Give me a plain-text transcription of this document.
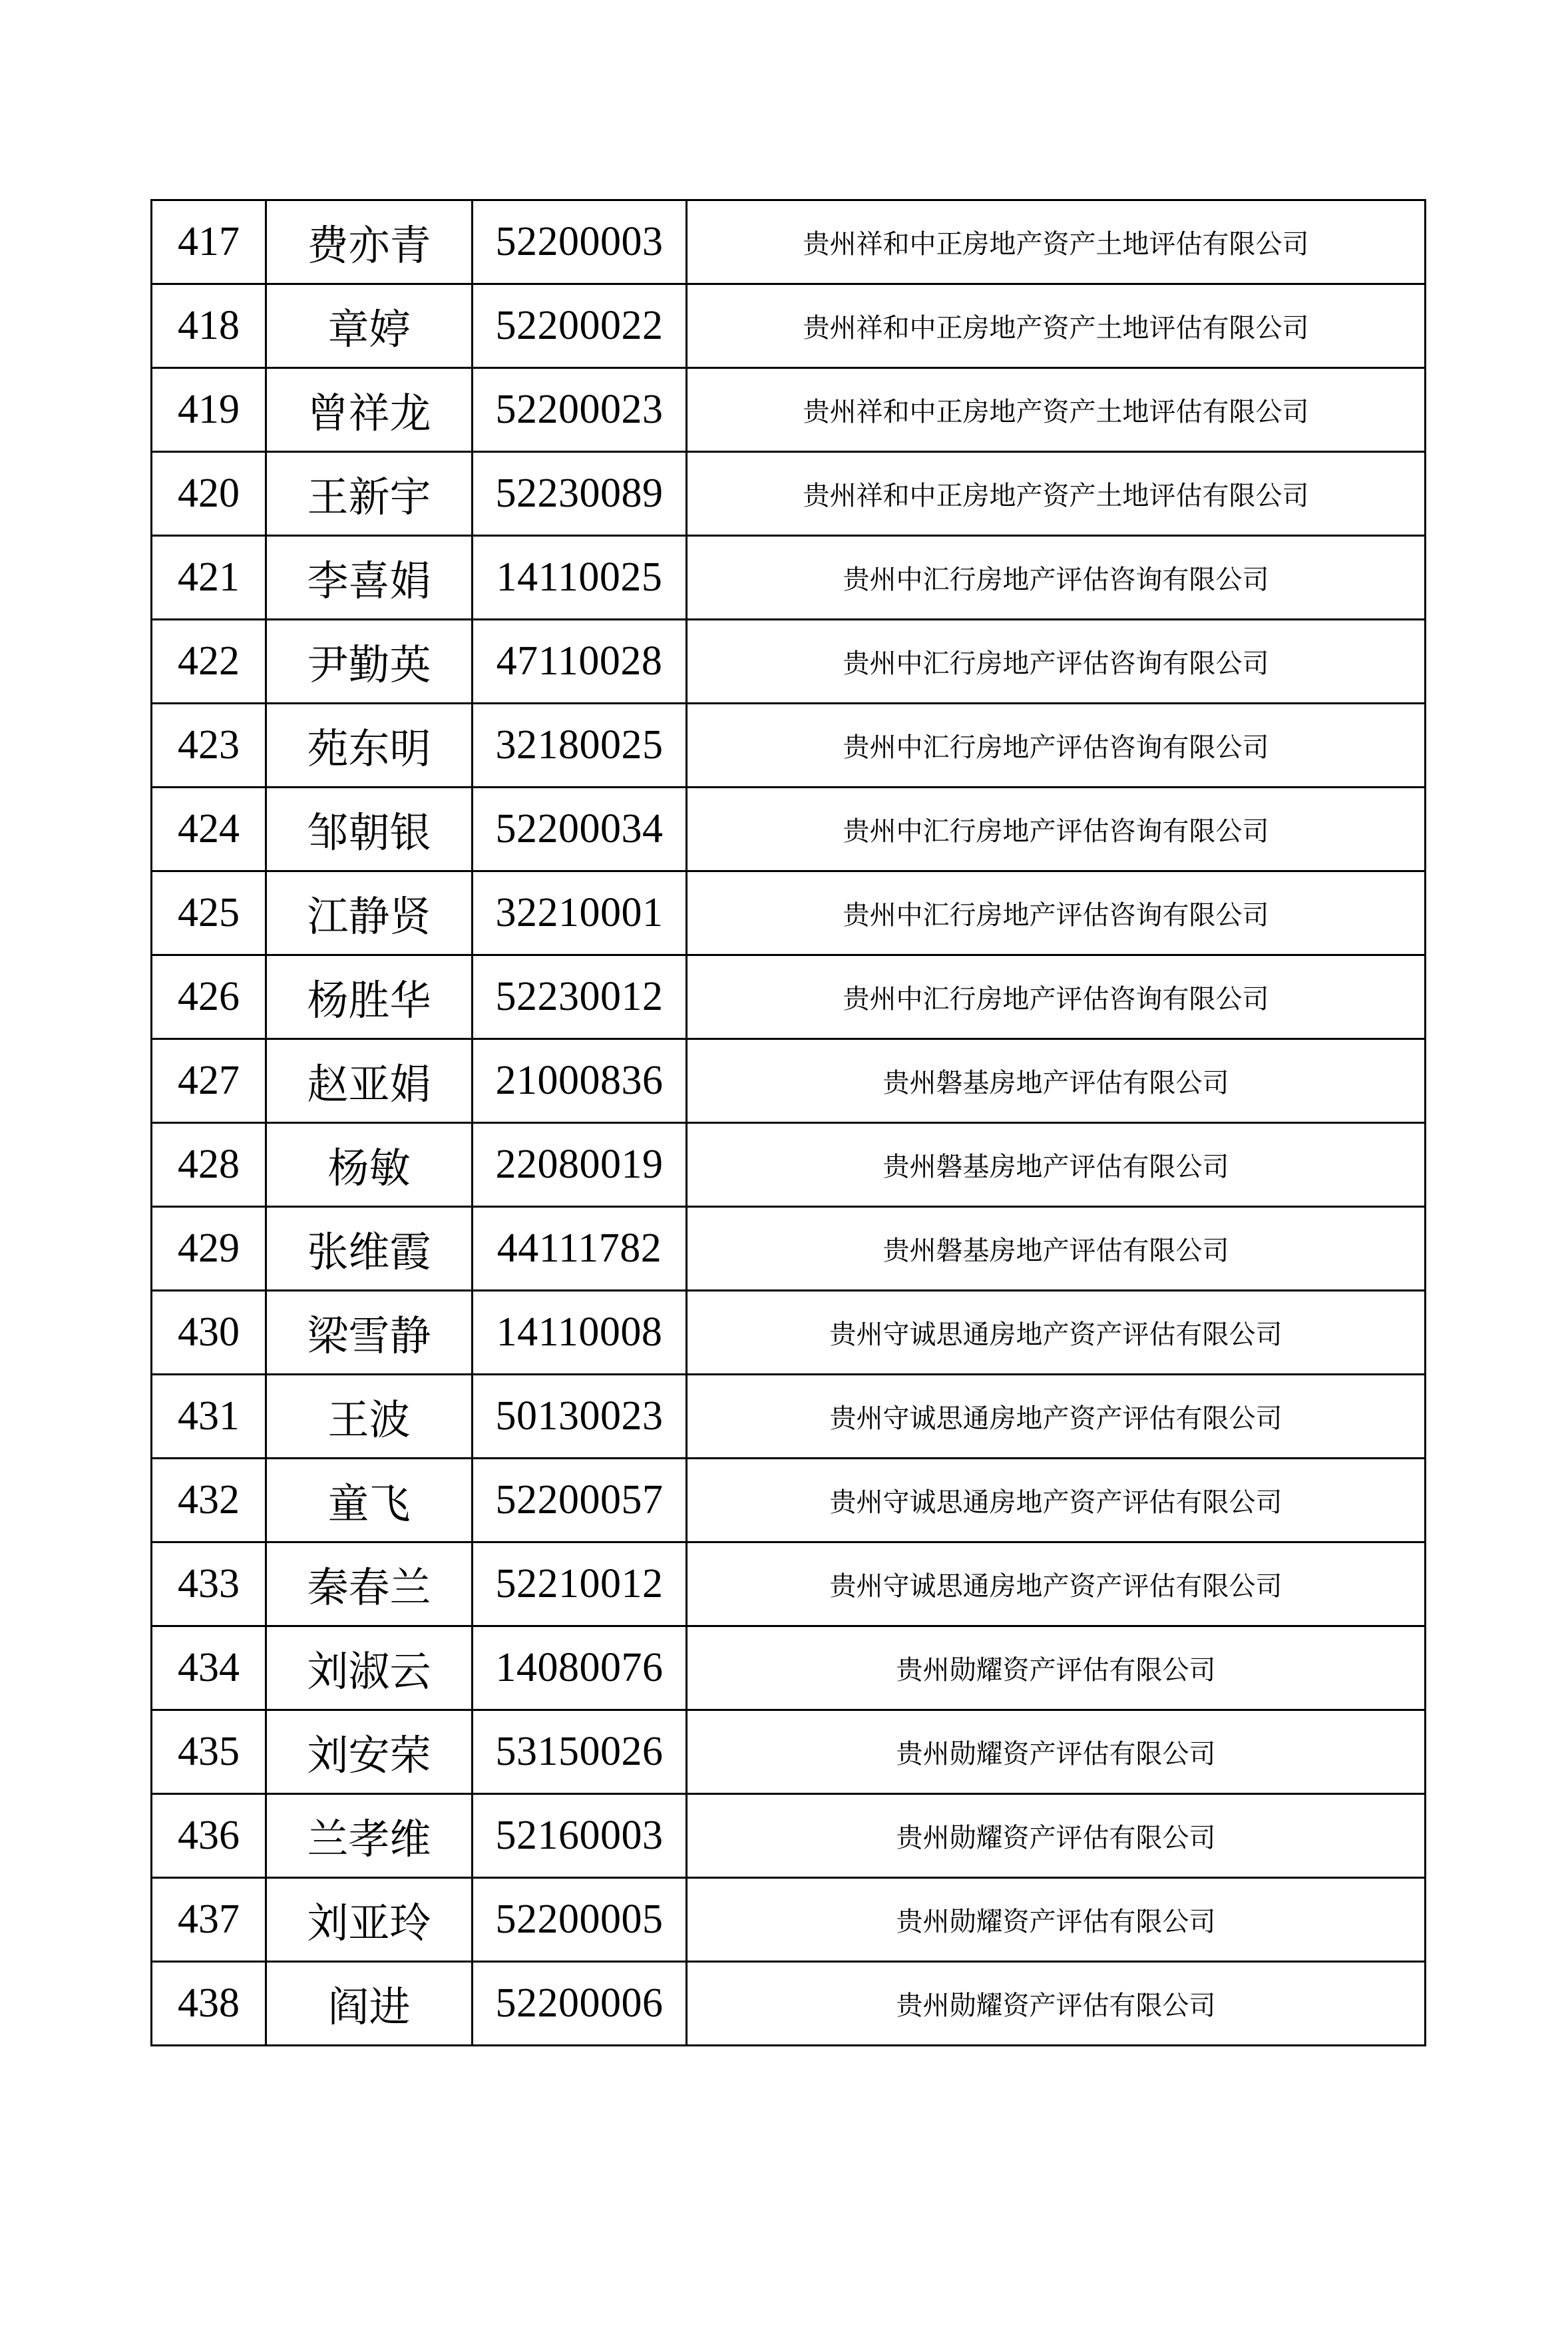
417	费亦青	52200003	贵州祥和中正房地产资产土地评估有限公司
418	章婷	52200022	贵州祥和中正房地产资产土地评估有限公司
419	曾祥龙	52200023	贵州祥和中正房地产资产土地评估有限公司
420	王新宇	52230089	贵州祥和中正房地产资产土地评估有限公司
421	李喜娟	14110025	贵州中汇行房地产评估咨询有限公司
422	尹勤英	47110028	贵州中汇行房地产评估咨询有限公司
423	苑东明	32180025	贵州中汇行房地产评估咨询有限公司
424	邹朝银	52200034	贵州中汇行房地产评估咨询有限公司
425	江静贤	32210001	贵州中汇行房地产评估咨询有限公司
426	杨胜华	52230012	贵州中汇行房地产评估咨询有限公司
427	赵亚娟	21000836	贵州磐基房地产评估有限公司
428	杨敏	22080019	贵州磐基房地产评估有限公司
429	张维霞	44111782	贵州磐基房地产评估有限公司
430	梁雪静	14110008	贵州守诚思通房地产资产评估有限公司
431	王波	50130023	贵州守诚思通房地产资产评估有限公司
432	童飞	52200057	贵州守诚思通房地产资产评估有限公司
433	秦春兰	52210012	贵州守诚思通房地产资产评估有限公司
434	刘淑云	14080076	贵州勋耀资产评估有限公司
435	刘安荣	53150026	贵州勋耀资产评估有限公司
436	兰孝维	52160003	贵州勋耀资产评估有限公司
437	刘亚玲	52200005	贵州勋耀资产评估有限公司
438	阎进	52200006	贵州勋耀资产评估有限公司
